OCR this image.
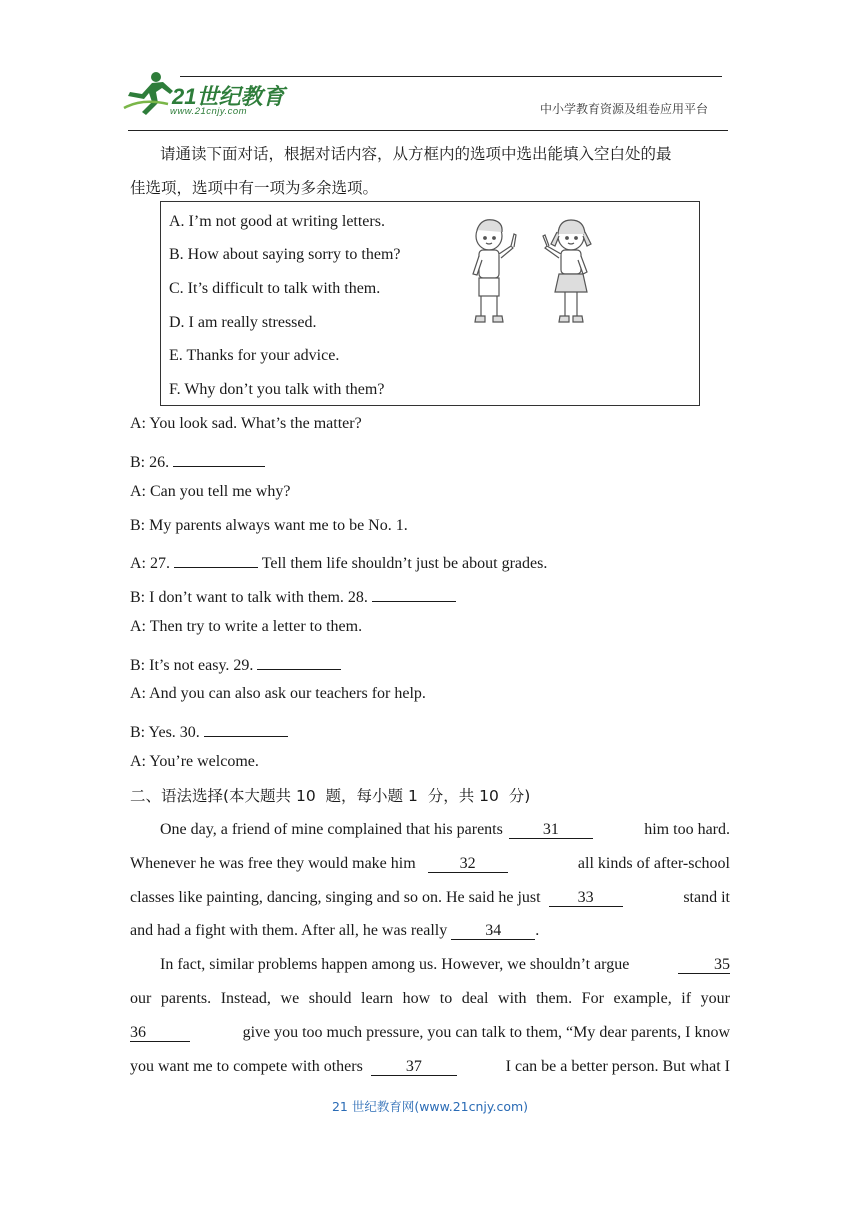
21世纪教育
www.21cnjy.com	中小学教育资源及组卷应用平台
请通读下面对话，根据对话内容，从方框内的选项中选出能填入空白处的最
佳选项，选项中有一项为多余选项。
A. I’m not good at writing letters.
B. How about saying sorry to them?
C. It’s difficult to talk with them.
D. I am really stressed.
E. Thanks for your advice.
F. Why don’t you talk with them?
A: You look sad. What’s the matter?
B: 26.
A: Can you tell me why?
B: My parents always want me to be No. 1.
A: 27.	Tell them life shouldn’t just be about grades.
B: I don’t want to talk with them. 28.
A: Then try to write a letter to them.
B: It’s not easy. 29.
A: And you can also ask our teachers for help.
B: Yes. 30.
A: You’re welcome.
二、语法选择(本大题共 10  题，每小题 1  分，共 10  分)
One day, a friend of mine complained that his parents	31	him too hard.
Whenever he was free they would make him	32	all kinds of after-school
classes like painting, dancing, singing and so on. He said he just	33	stand it
and had a fight with them. After all, he was really 34 .
In fact, similar problems happen among us. However, we shouldn’t argue	35
our parents. Instead, we should learn how to deal with them. For example, if your
36	give you too much pressure, you can talk to them, “My dear parents, I know
you want me to compete with others	37	I can be a better person. But what I
21 世纪教育网(www.21cnjy.com)
